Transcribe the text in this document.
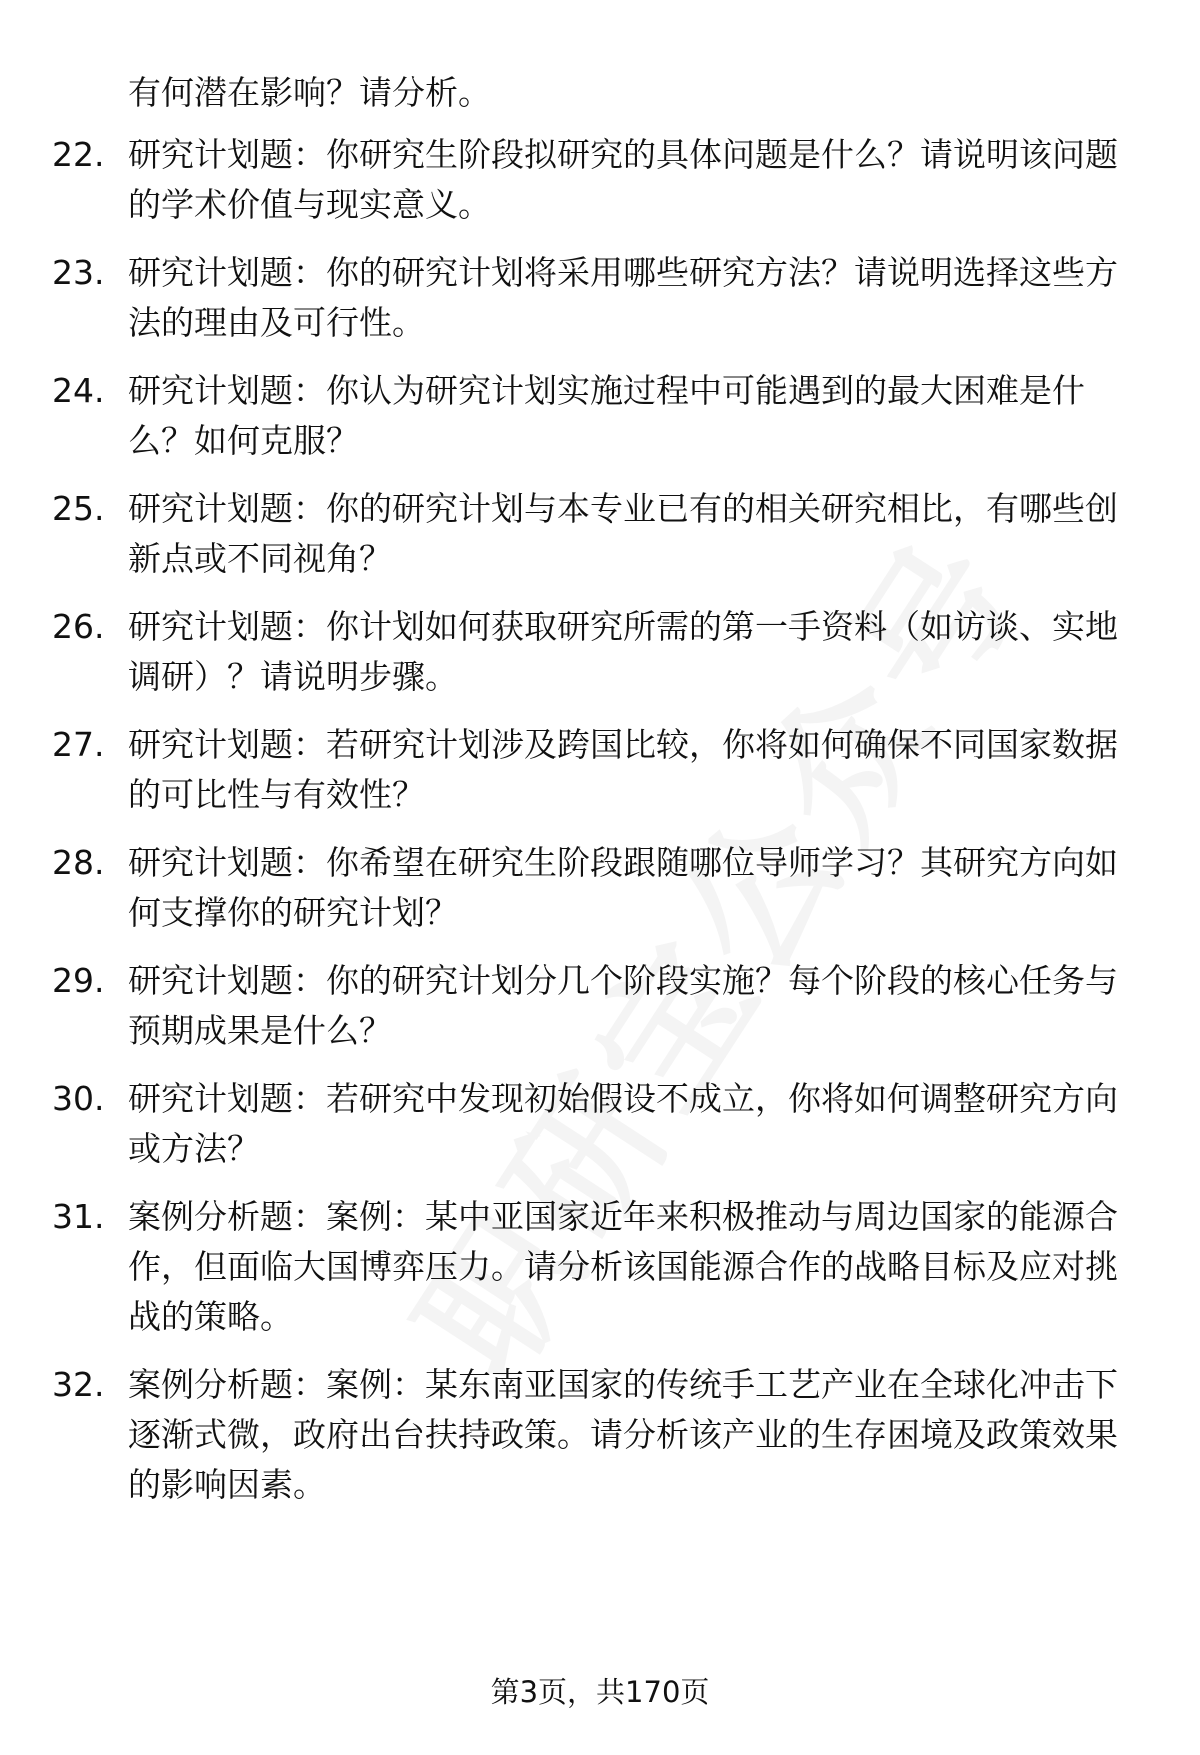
有何潜在影响？请分析。

22. 研究计划题：你研究生阶段拟研究的具体问题是什么？请说明该问题的学术价值与现实意义。

23. 研究计划题：你的研究计划将采用哪些研究方法？请说明选择这些方法的理由及可行性。

24. 研究计划题：你认为研究计划实施过程中可能遇到的最大困难是什么？如何克服？

25. 研究计划题：你的研究计划与本专业已有的相关研究相比，有哪些创新点或不同视角？

26. 研究计划题：你计划如何获取研究所需的第一手资料（如访谈、实地调研）？请说明步骤。

27. 研究计划题：若研究计划涉及跨国比较，你将如何确保不同国家数据的可比性与有效性？

28. 研究计划题：你希望在研究生阶段跟随哪位导师学习？其研究方向如何支撑你的研究计划？

29. 研究计划题：你的研究计划分几个阶段实施？每个阶段的核心任务与预期成果是什么？

30. 研究计划题：若研究中发现初始假设不成立，你将如何调整研究方向或方法？

31. 案例分析题：案例：某中亚国家近年来积极推动与周边国家的能源合作，但面临大国博弈压力。请分析该国能源合作的战略目标及应对挑战的策略。

32. 案例分析题：案例：某东南亚国家的传统手工艺产业在全球化冲击下逐渐式微，政府出台扶持政策。请分析该产业的生存困境及政策效果的影响因素。

第3页，共170页
